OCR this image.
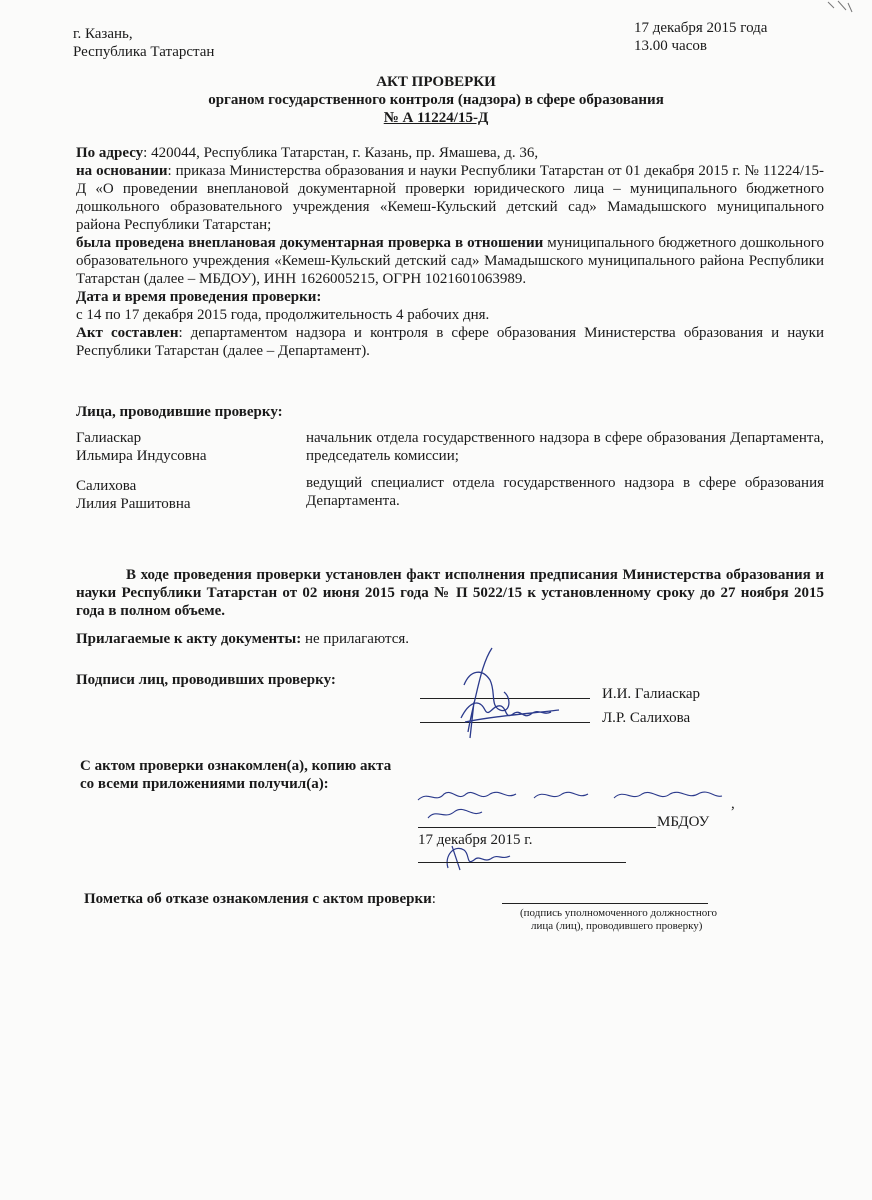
г. Казань,
Республика Татарстан
17 декабря 2015 года
13.00 часов
АКТ ПРОВЕРКИ
органом государственного контроля (надзора) в сфере образования
№ А 11224/15-Д
По адресу: 420044, Республика Татарстан, г. Казань, пр. Ямашева, д. 36,
на основании: приказа Министерства образования и науки Республики Татарстан от 01 декабря 2015 г. № 11224/15-Д «О проведении внеплановой документарной проверки юридического лица – муниципального бюджетного дошкольного образовательного учреждения «Кемеш-Кульский детский сад» Мамадышского муниципального района Республики Татарстан;
была проведена внеплановая документарная проверка в отношении муниципального бюджетного дошкольного образовательного учреждения «Кемеш-Кульский детский сад» Мамадышского муниципального района Республики Татарстан (далее – МБДОУ), ИНН 1626005215, ОГРН 1021601063989.
Дата и время проведения проверки:
с 14 по 17 декабря 2015 года, продолжительность 4 рабочих дня.
Акт составлен: департаментом надзора и контроля в сфере образования Министерства образования и науки Республики Татарстан (далее – Департамент).
Лица, проводившие проверку:
Галиаскар
Ильмира Индусовна
начальник отдела государственного надзора в сфере образования Департамента, председатель комиссии;
Салихова
Лилия Рашитовна
ведущий специалист отдела государственного надзора в сфере образования Департамента.
В ходе проведения проверки установлен факт исполнения предписания Министерства образования и науки Республики Татарстан от 02 июня 2015 года № П 5022/15 к установленному сроку до 27 ноября 2015 года в полном объеме.
Прилагаемые к акту документы: не прилагаются.
Подписи лиц, проводивших проверку:
И.И. Галиаскар
Л.Р. Салихова
С актом проверки ознакомлен(а), копию акта
со всеми приложениями получил(а):
,
МБДОУ
17 декабря 2015 г.
Пометка об отказе ознакомления с актом проверки:
(подпись уполномоченного должностного
лица (лиц), проводившего проверку)
